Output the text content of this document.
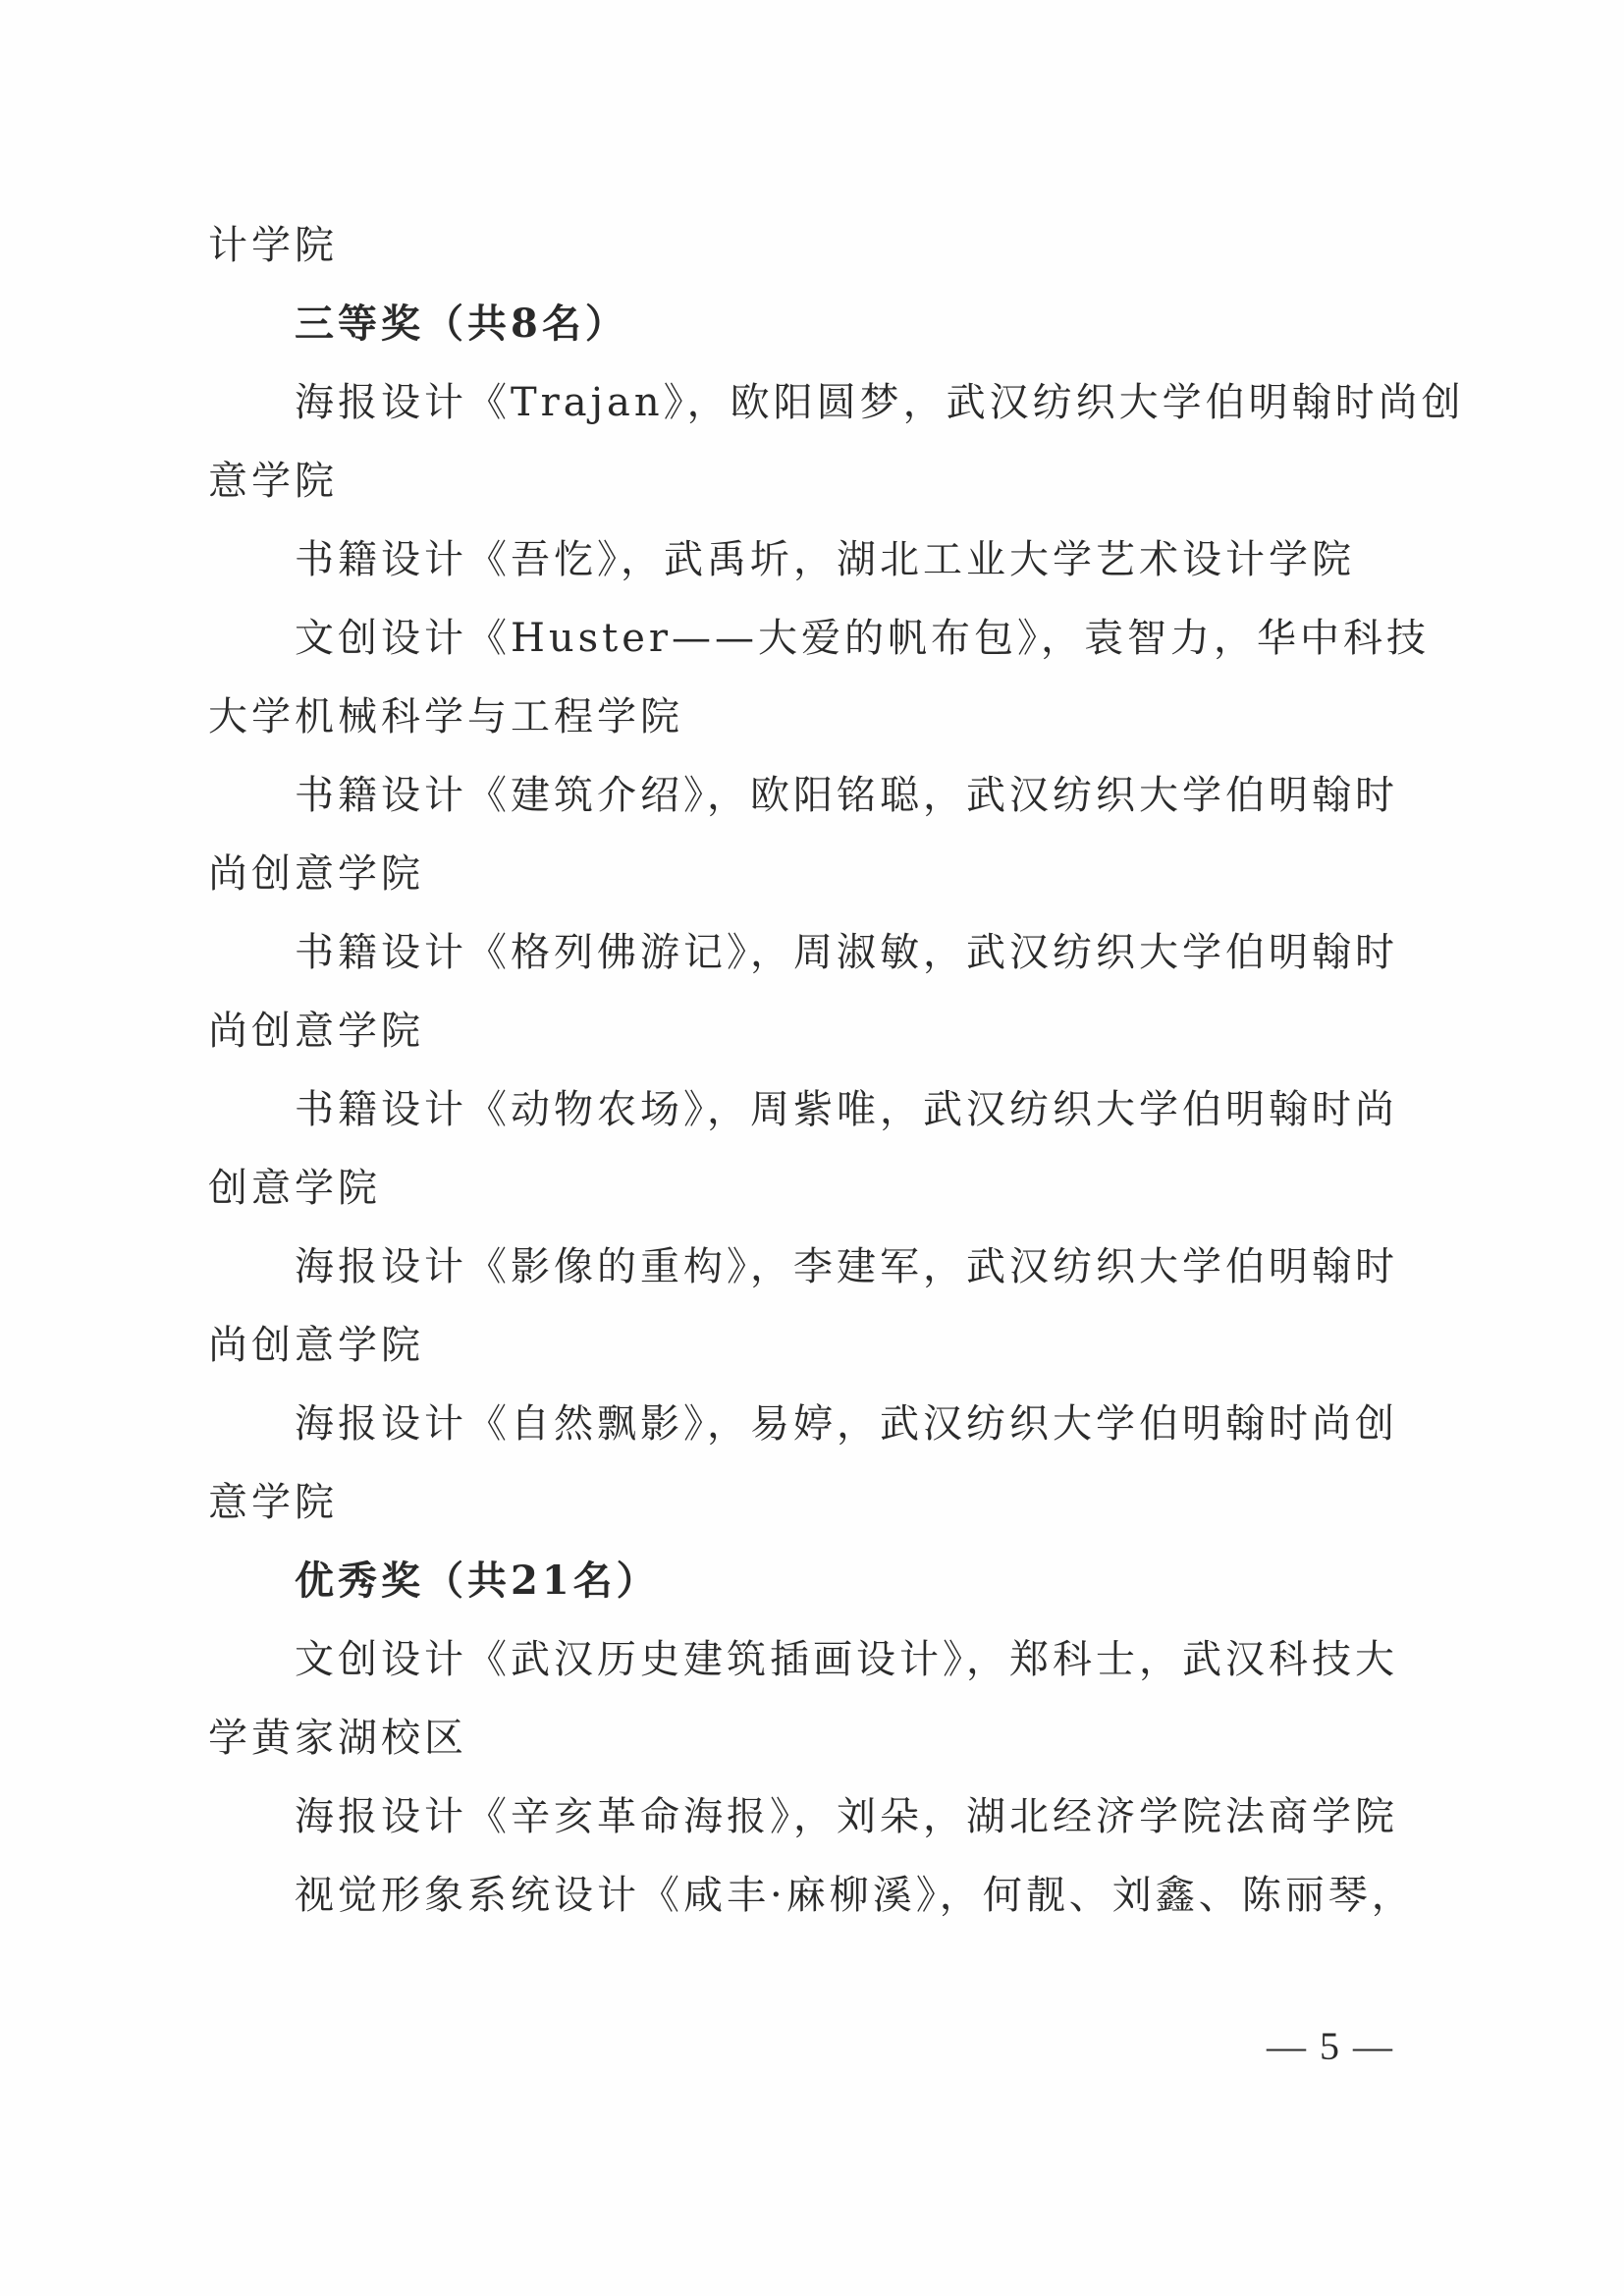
计学院
三等奖（共8名）
海报设计《Trajan》，欧阳圆梦，武汉纺织大学伯明翰时尚创
意学院
书籍设计《吾忔》，武禹圻，湖北工业大学艺术设计学院
文创设计《Huster——大爱的帆布包》，袁智力，华中科技
大学机械科学与工程学院
书籍设计《建筑介绍》，欧阳铭聪，武汉纺织大学伯明翰时
尚创意学院
书籍设计《格列佛游记》，周淑敏，武汉纺织大学伯明翰时
尚创意学院
书籍设计《动物农场》，周紫唯，武汉纺织大学伯明翰时尚
创意学院
海报设计《影像的重构》，李建军，武汉纺织大学伯明翰时
尚创意学院
海报设计《自然飘影》，易婷，武汉纺织大学伯明翰时尚创
意学院
优秀奖（共21名）
文创设计《武汉历史建筑插画设计》，郑科士，武汉科技大
学黄家湖校区
海报设计《辛亥革命海报》，刘朵，湖北经济学院法商学院
视觉形象系统设计《咸丰·麻柳溪》，何靓、刘鑫、陈丽琴，
— 5 —
